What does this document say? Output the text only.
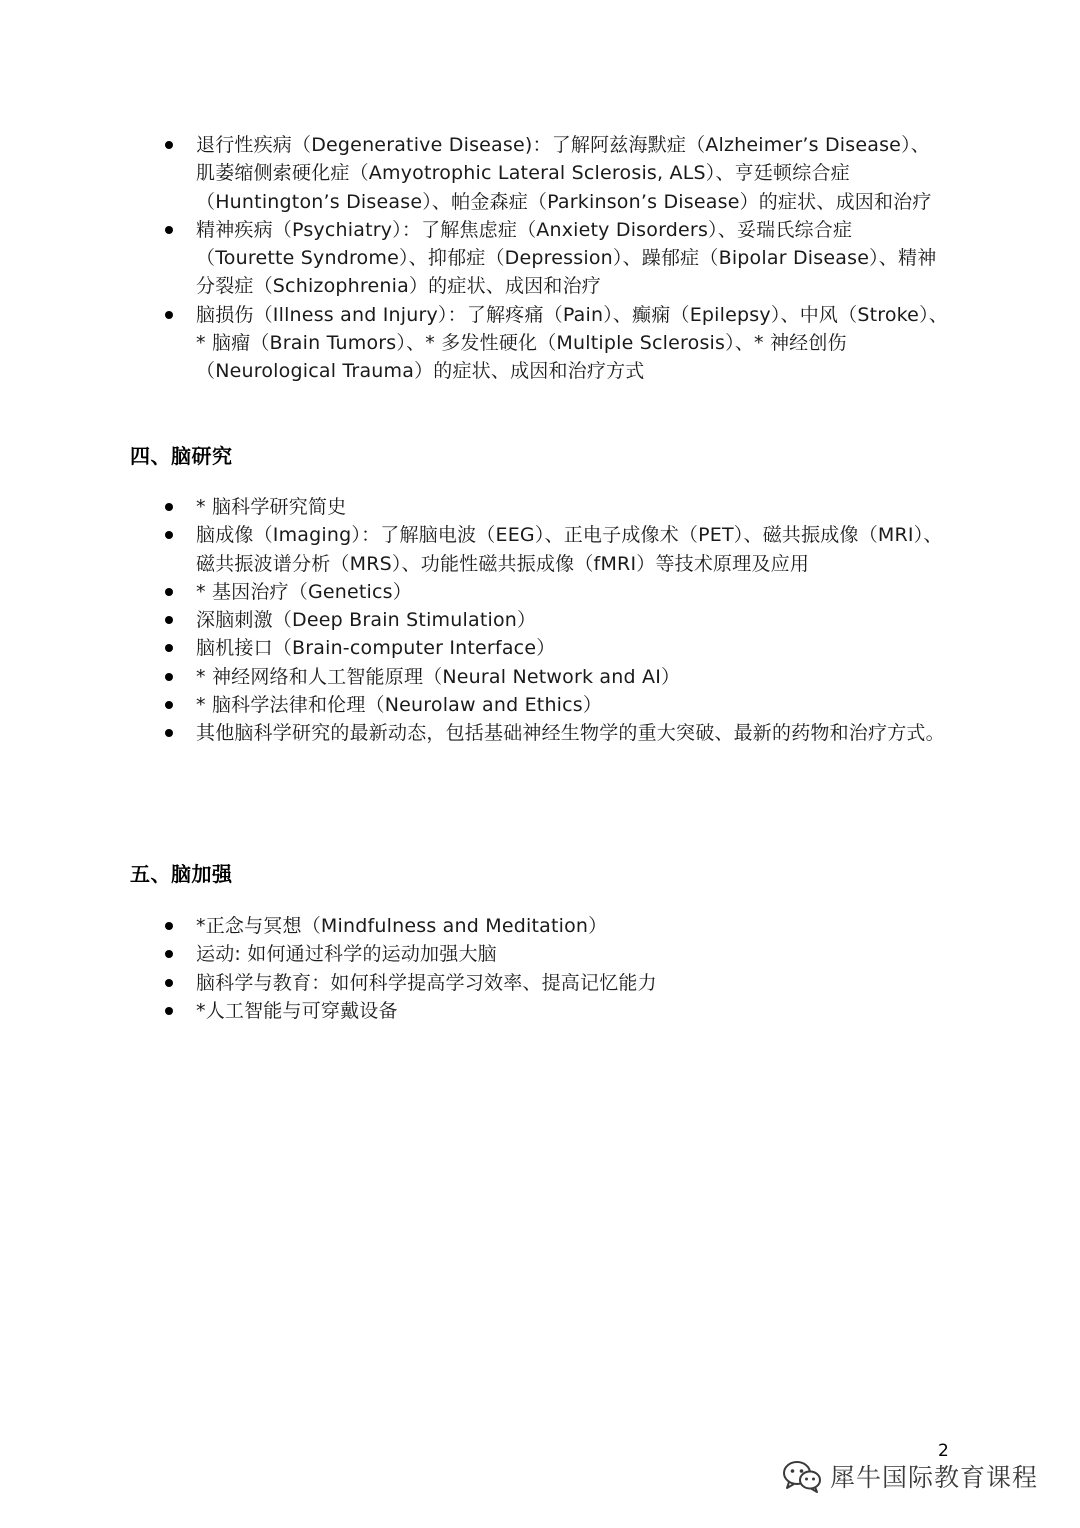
退行性疾病（Degenerative Disease)：了解阿兹海默症（Alzheimer’s Disease）、肌萎缩侧索硬化症（Amyotrophic Lateral Sclerosis, ALS）、亨廷顿综合症（Huntington’s Disease）、帕金森症（Parkinson’s Disease）的症状、成因和治疗
精神疾病（Psychiatry）：了解焦虑症（Anxiety Disorders）、妥瑞氏综合症（Tourette Syndrome）、抑郁症（Depression）、躁郁症（Bipolar Disease）、精神分裂症（Schizophrenia）的症状、成因和治疗
脑损伤（Illness and Injury）：了解疼痛（Pain）、癫痫（Epilepsy）、中风（Stroke）、* 脑瘤（Brain Tumors）、* 多发性硬化（Multiple Sclerosis）、* 神经创伤（Neurological Trauma）的症状、成因和治疗方式
四、脑研究
* 脑科学研究简史
脑成像（Imaging）：了解脑电波（EEG）、正电子成像术（PET）、磁共振成像（MRI）、磁共振波谱分析（MRS）、功能性磁共振成像（fMRI）等技术原理及应用
* 基因治疗（Genetics）
深脑刺激（Deep Brain Stimulation）
脑机接口（Brain-computer Interface）
* 神经网络和人工智能原理（Neural Network and AI）
* 脑科学法律和伦理（Neurolaw and Ethics）
其他脑科学研究的最新动态，包括基础神经生物学的重大突破、最新的药物和治疗方式。
五、脑加强
*正念与冥想（Mindfulness and Meditation）
运动: 如何通过科学的运动加强大脑
脑科学与教育：如何科学提高学习效率、提高记忆能力
*人工智能与可穿戴设备
2
犀牛国际教育课程
